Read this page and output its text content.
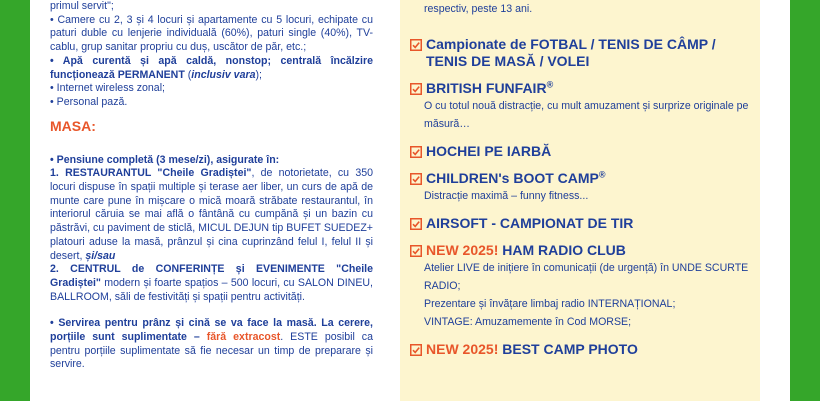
primul servit";

• Camere cu 2, 3 și 4 locuri și apartamente cu 5 locuri, echipate cu paturi duble cu lenjerie individuală (60%), paturi single (40%), TV-cablu, grup sanitar propriu cu duș, uscător de păr, etc.;

• Apă curentă și apă caldă, nonstop; centrală încălzire funcționează PERMANENT (inclusiv vara);

• Internet wireless zonal;

• Personal pază.

MASA:

• Pensiune completă (3 mese/zi), asigurate în:

1. RESTAURANTUL "Cheile Gradiștei", de notorietate, cu 350 locuri dispuse în spații multiple și terase aer liber, un curs de apă de munte care pune în mișcare o mică moară străbate restaurantul, în interiorul căruia se mai află o fântână cu cumpănă și un bazin cu păstrăvi, cu paviment de sticlă, MICUL DEJUN tip BUFET SUEDEZ+ platouri aduse la masă, prânzul și cina cuprinzând felul I, felul II și desert, și/sau

2. CENTRUL de CONFERINȚE și EVENIMENTE "Cheile Gradiștei" modern și foarte spațios – 500 locuri, cu SALON DINEU, BALLROOM, săli de festivități și spații pentru activități.

• Servirea pentru prânz și cină se va face la masă. La cerere, porțiile sunt suplimentate – fără extracost. ESTE posibil ca pentru porțiile suplimentate să fie necesar un timp de preparare și servire.

respectiv, peste 13 ani.
Campionate de FOTBAL / TENIS DE CÂMP / TENIS DE MASĂ / VOLEI
BRITISH FUNFAIR®
O cu totul nouă distracție, cu mult amuzament și surprize originale pe măsură…
HOCHEI PE IARBĂ
CHILDREN's BOOT CAMP®
Distracție maximă – funny fitness...
AIRSOFT - CAMPIONAT DE TIR
NEW 2025! HAM RADIO CLUB
Atelier LIVE de inițiere în comunicații (de urgență) în UNDE SCURTE RADIO;
Prezentare și învățare limbaj radio INTERNAȚIONAL;
VINTAGE: Amuzamemente în Cod MORSE;
NEW 2025! BEST CAMP PHOTO
